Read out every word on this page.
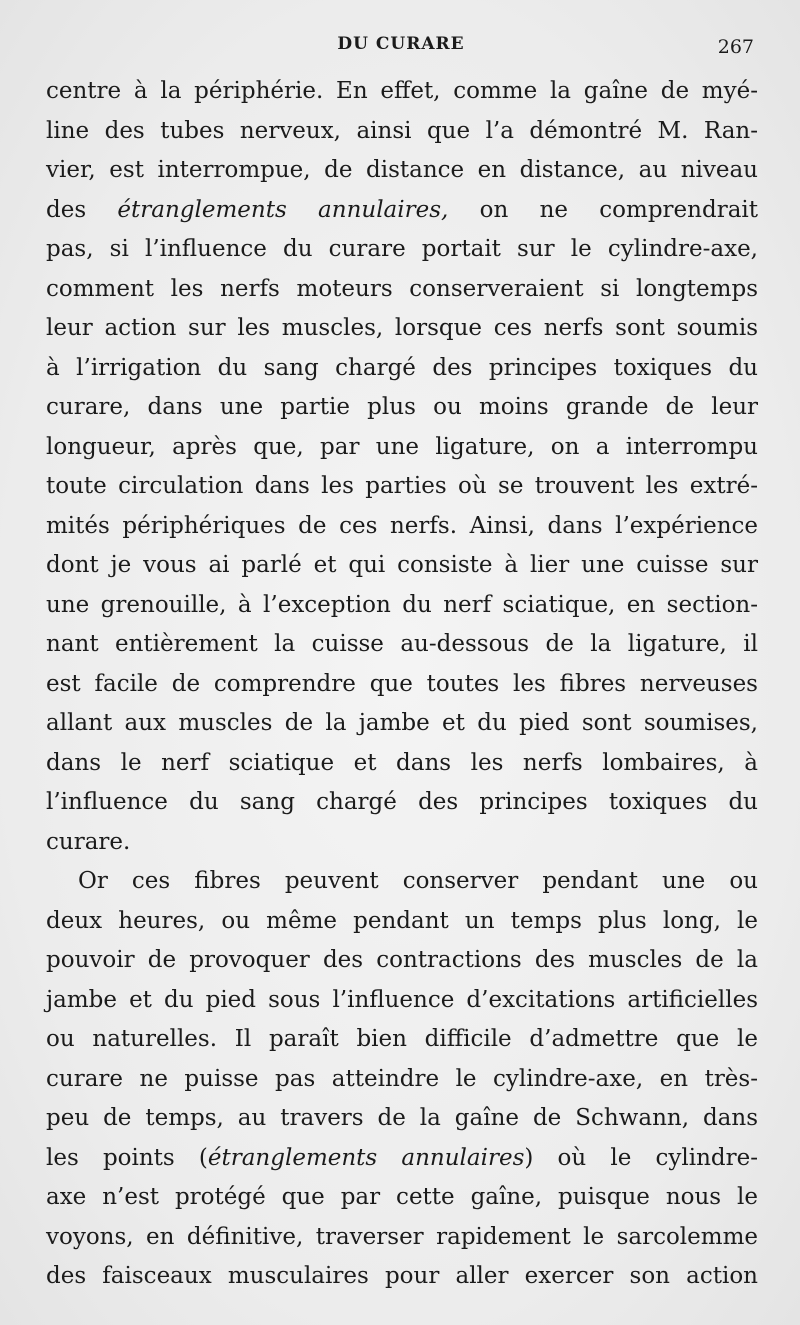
DU CURARE	267
centre à la périphérie. En effet, comme la gaîne de myé-
line des tubes nerveux, ainsi que l’a démontré M. Ran-
vier, est interrompue, de distance en distance, au niveau
des étranglements annulaires, on ne comprendrait
pas, si l’influence du curare portait sur le cylindre-axe,
comment les nerfs moteurs conserveraient si longtemps
leur action sur les muscles, lorsque ces nerfs sont soumis
à l’irrigation du sang chargé des principes toxiques du
curare, dans une partie plus ou moins grande de leur
longueur, après que, par une ligature, on a interrompu
toute circulation dans les parties où se trouvent les extré-
mités périphériques de ces nerfs. Ainsi, dans l’expérience
dont je vous ai parlé et qui consiste à lier une cuisse sur
une grenouille, à l’exception du nerf sciatique, en section-
nant entièrement la cuisse au-dessous de la ligature, il
est facile de comprendre que toutes les fibres nerveuses
allant aux muscles de la jambe et du pied sont soumises,
dans le nerf sciatique et dans les nerfs lombaires, à
l’influence du sang chargé des principes toxiques du
curare.
Or ces fibres peuvent conserver pendant une ou
deux heures, ou même pendant un temps plus long, le
pouvoir de provoquer des contractions des muscles de la
jambe et du pied sous l’influence d’excitations artificielles
ou naturelles. Il paraît bien difficile d’admettre que le
curare ne puisse pas atteindre le cylindre-axe, en très-
peu de temps, au travers de la gaîne de Schwann, dans
les points (étranglements annulaires) où le cylindre-
axe n’est protégé que par cette gaîne, puisque nous le
voyons, en définitive, traverser rapidement le sarcolemme
des faisceaux musculaires pour aller exercer son action
